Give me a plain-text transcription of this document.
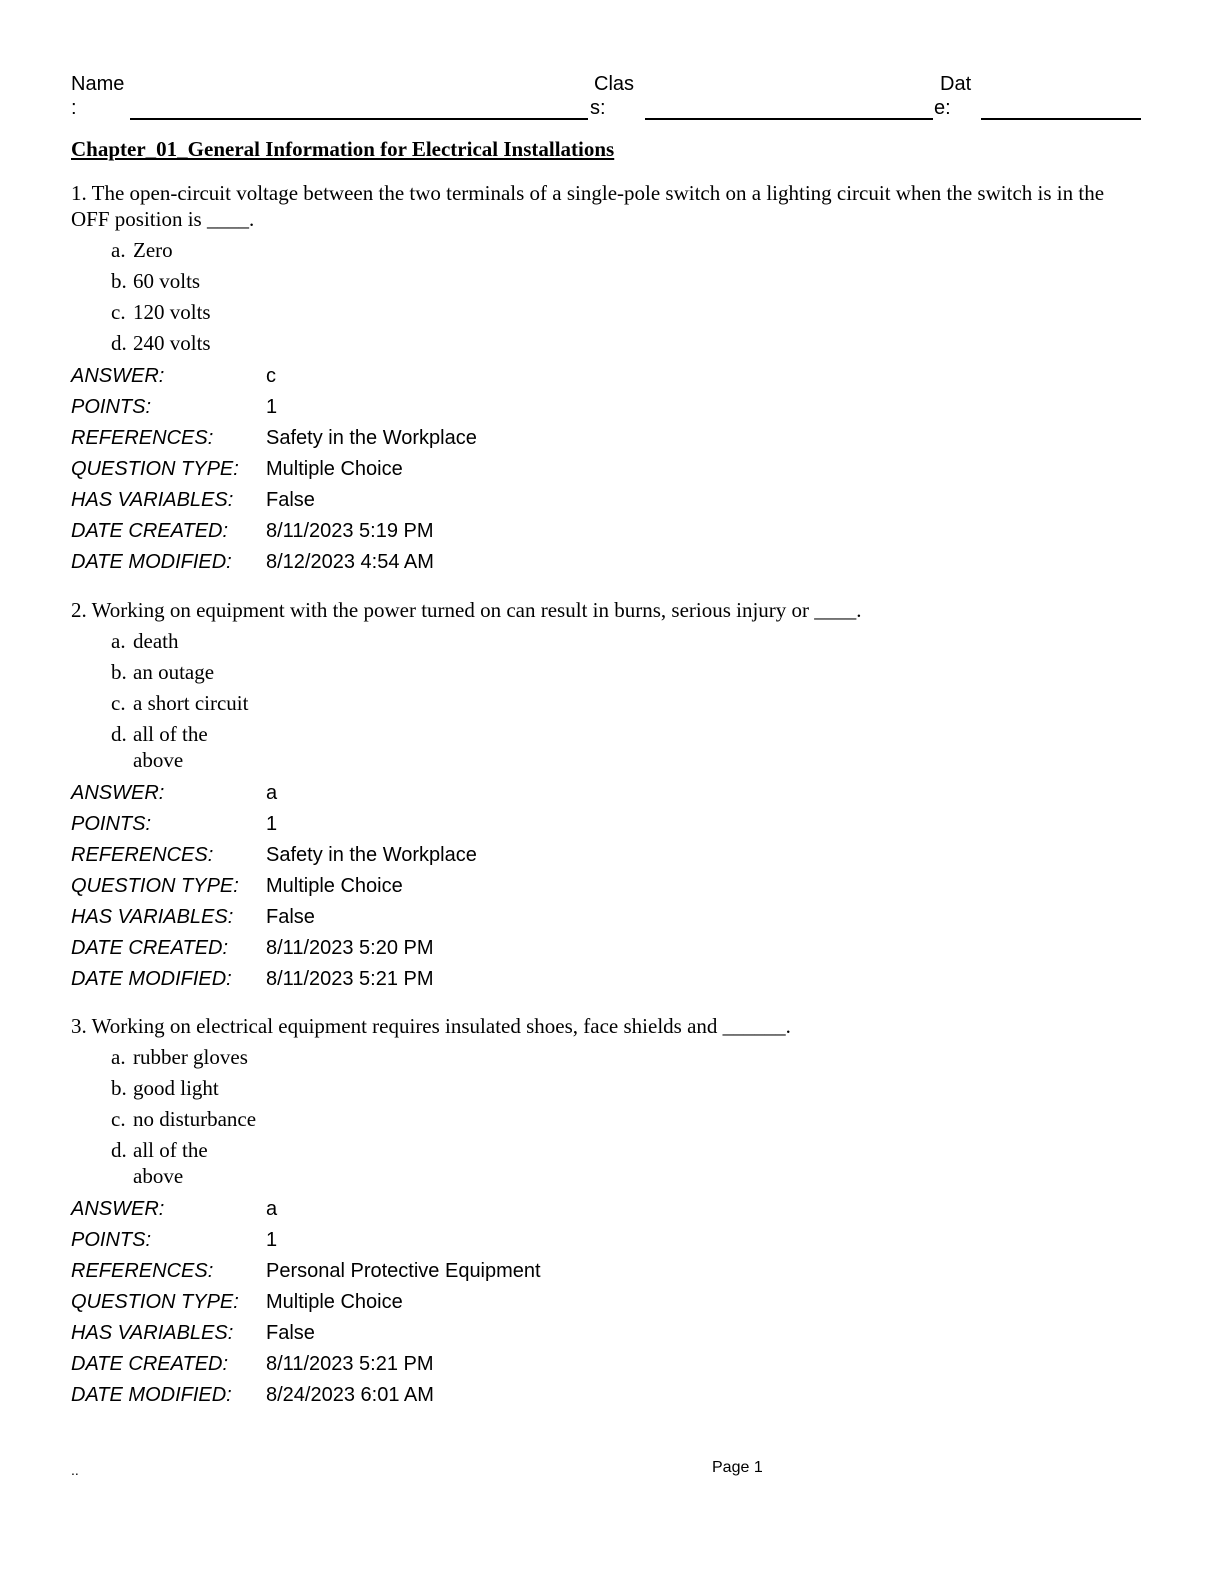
Name
:
Clas
s:
Dat
e:
Chapter_01_General Information for Electrical Installations

1. The open-circuit voltage between the two terminals of a single-pole switch on a lighting circuit when the switch is in the OFF position is ____.

a. Zero
b. 60 volts
c. 120 volts
d. 240 volts
ANSWER:	c
POINTS:	1
REFERENCES:	Safety in the Workplace
QUESTION TYPE:	Multiple Choice
HAS VARIABLES:	False
DATE CREATED:	8/11/2023 5:19 PM
DATE MODIFIED:	8/12/2023 4:54 AM

2. Working on equipment with the power turned on can result in burns, serious injury or ____.

a. death
b. an outage
c. a short circuit
d. all of the above
ANSWER:	a
POINTS:	1
REFERENCES:	Safety in the Workplace
QUESTION TYPE:	Multiple Choice
HAS VARIABLES:	False
DATE CREATED:	8/11/2023 5:20 PM
DATE MODIFIED:	8/11/2023 5:21 PM

3. Working on electrical equipment requires insulated shoes, face shields and ______.

a. rubber gloves
b. good light
c. no disturbance
d. all of the above
ANSWER:	a
POINTS:	1
REFERENCES:	Personal Protective Equipment
QUESTION TYPE:	Multiple Choice
HAS VARIABLES:	False
DATE CREATED:	8/11/2023 5:21 PM
DATE MODIFIED:	8/24/2023 6:01 AM
..	Page 1
